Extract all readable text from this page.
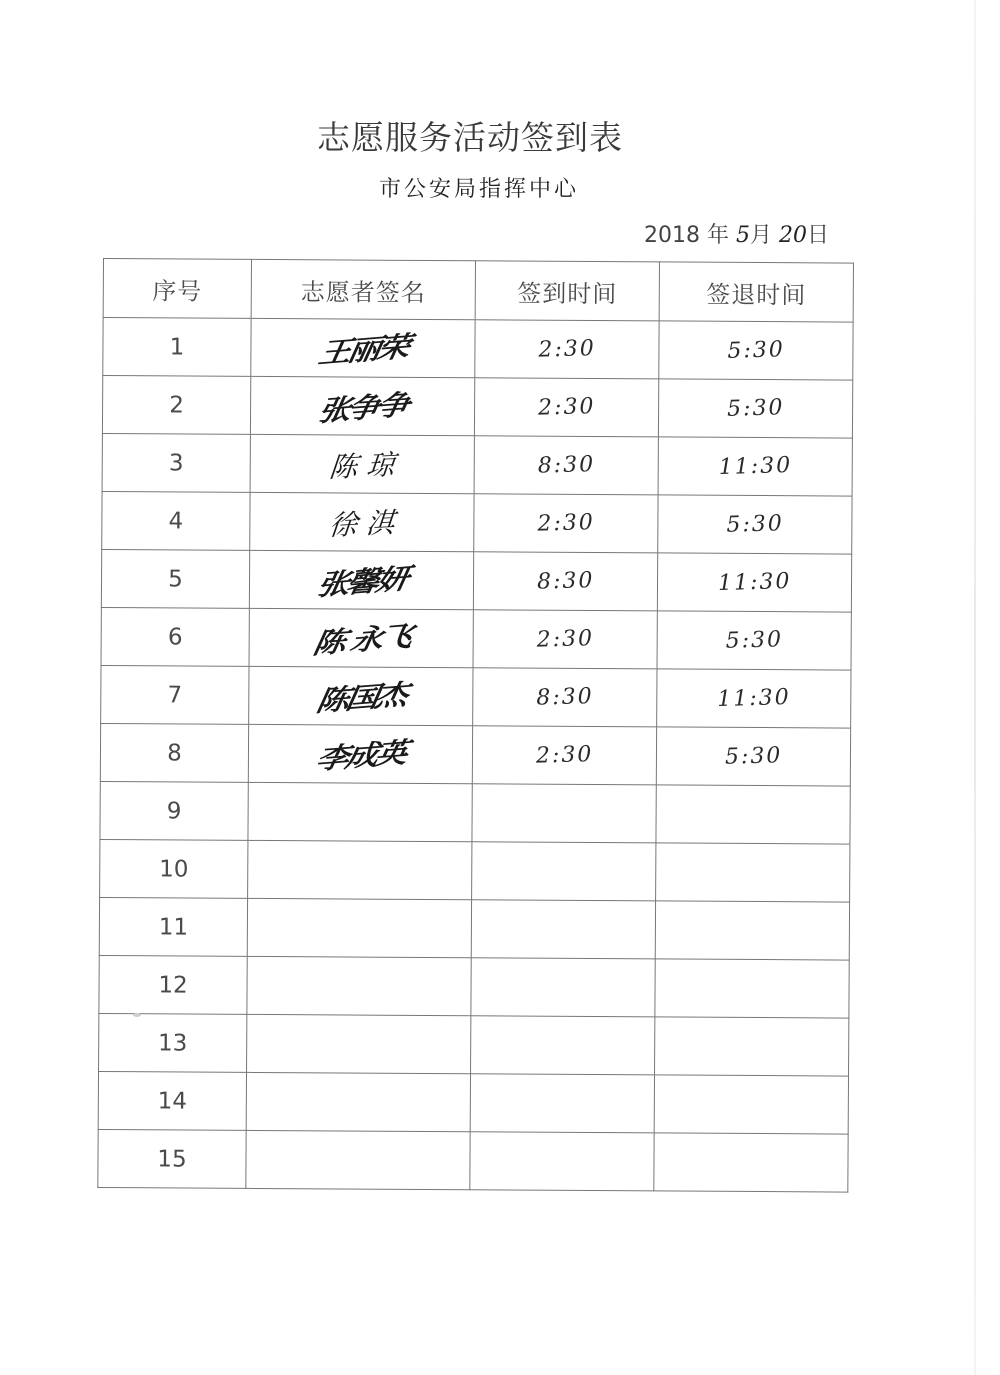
志愿服务活动签到表
市公安局指挥中心
2018 年 5月 20日
序号	志愿者签名	签到时间	签退时间
1	王丽荣	2:30	5:30
2	张争争	2:30	5:30
3	陈 琼	8:30	11:30
4	徐 淇	2:30	5:30
5	张馨妍	8:30	11:30
6	陈 永飞	2:30	5:30
7	陈国杰	8:30	11:30
8	李成英	2:30	5:30
9			
10			
11			
12			
13			
14			
15			
